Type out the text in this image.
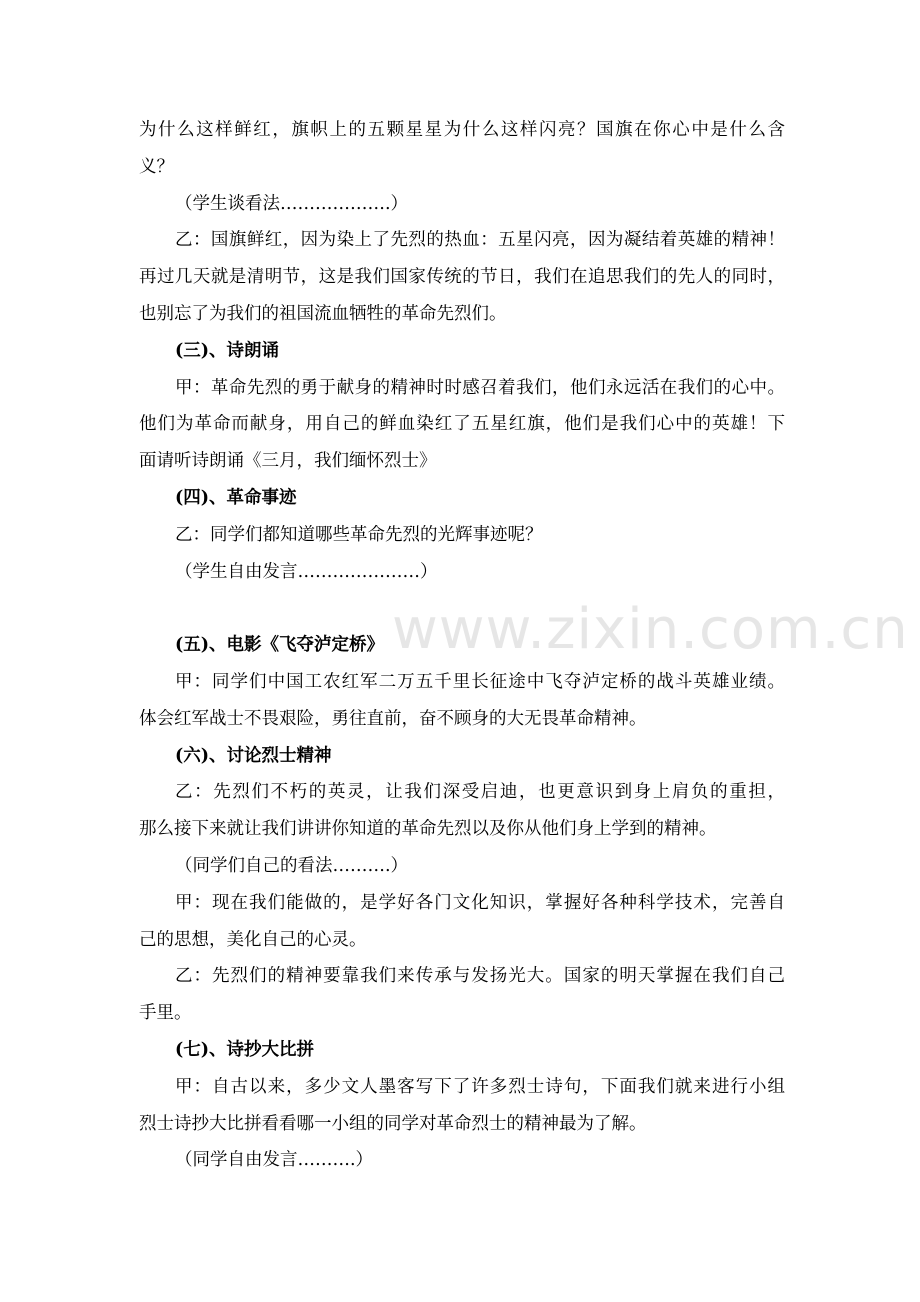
www.zixin.com.cn
为什么这样鲜红，旗帜上的五颗星星为什么这样闪亮？国旗在你心中是什么含
义？
（学生谈看法……………….）
乙：国旗鲜红，因为染上了先烈的热血：五星闪亮，因为凝结着英雄的精神！
再过几天就是清明节，这是我们国家传统的节日，我们在追思我们的先人的同时，
也别忘了为我们的祖国流血牺牲的革命先烈们。
(三)、诗朗诵
甲：革命先烈的勇于献身的精神时时感召着我们，他们永远活在我们的心中。
他们为革命而献身，用自己的鲜血染红了五星红旗，他们是我们心中的英雄！下
面请听诗朗诵《三月，我们缅怀烈士》
(四)、革命事迹
乙：同学们都知道哪些革命先烈的光辉事迹呢？
（学生自由发言…………………）
(五)、电影《飞夺泸定桥》
甲：同学们中国工农红军二万五千里长征途中飞夺泸定桥的战斗英雄业绩。
体会红军战士不畏艰险，勇往直前，奋不顾身的大无畏革命精神。
(六)、讨论烈士精神
乙：先烈们不朽的英灵，让我们深受启迪，也更意识到身上肩负的重担，
那么接下来就让我们讲讲你知道的革命先烈以及你从他们身上学到的精神。
（同学们自己的看法……….）
甲：现在我们能做的，是学好各门文化知识，掌握好各种科学技术，完善自
己的思想，美化自己的心灵。
乙：先烈们的精神要靠我们来传承与发扬光大。国家的明天掌握在我们自己
手里。
(七)、诗抄大比拼
甲：自古以来，多少文人墨客写下了许多烈士诗句，下面我们就来进行小组
烈士诗抄大比拼看看哪一小组的同学对革命烈士的精神最为了解。
（同学自由发言……….）
